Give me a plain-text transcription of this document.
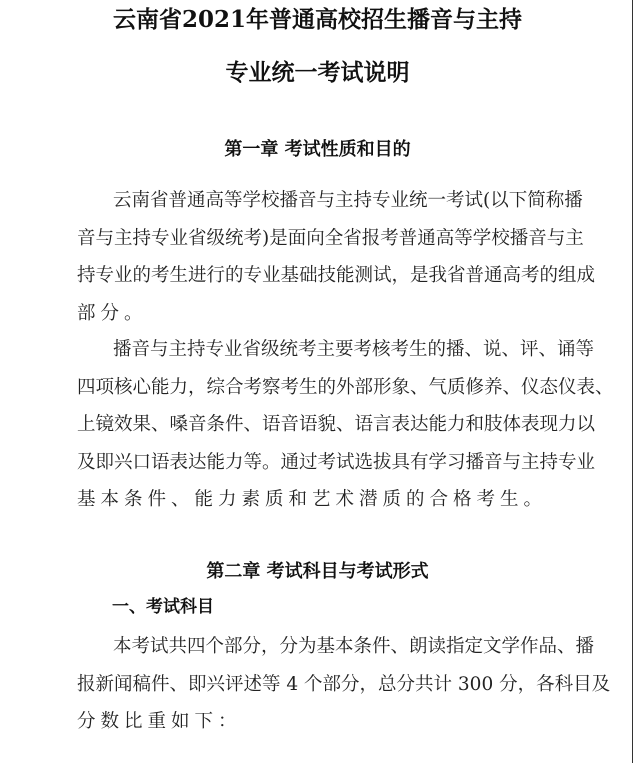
云南省2021年普通高校招生播音与主持
专业统一考试说明
第一章 考试性质和目的
云南省普通高等学校播音与主持专业统一考试(以下简称播
音与主持专业省级统考)是面向全省报考普通高等学校播音与主
持专业的考生进行的专业基础技能测试，是我省普通高考的组成
部分。
播音与主持专业省级统考主要考核考生的播、说、评、诵等
四项核心能力，综合考察考生的外部形象、气质修养、仪态仪表、
上镜效果、嗓音条件、语音语貌、语言表达能力和肢体表现力以
及即兴口语表达能力等。通过考试选拔具有学习播音与主持专业
基本条件、能力素质和艺术潜质的合格考生。
第二章 考试科目与考试形式
一、考试科目
本考试共四个部分，分为基本条件、朗读指定文学作品、播
报新闻稿件、即兴评述等 4 个部分，总分共计 300 分，各科目及
分数比重如下：
